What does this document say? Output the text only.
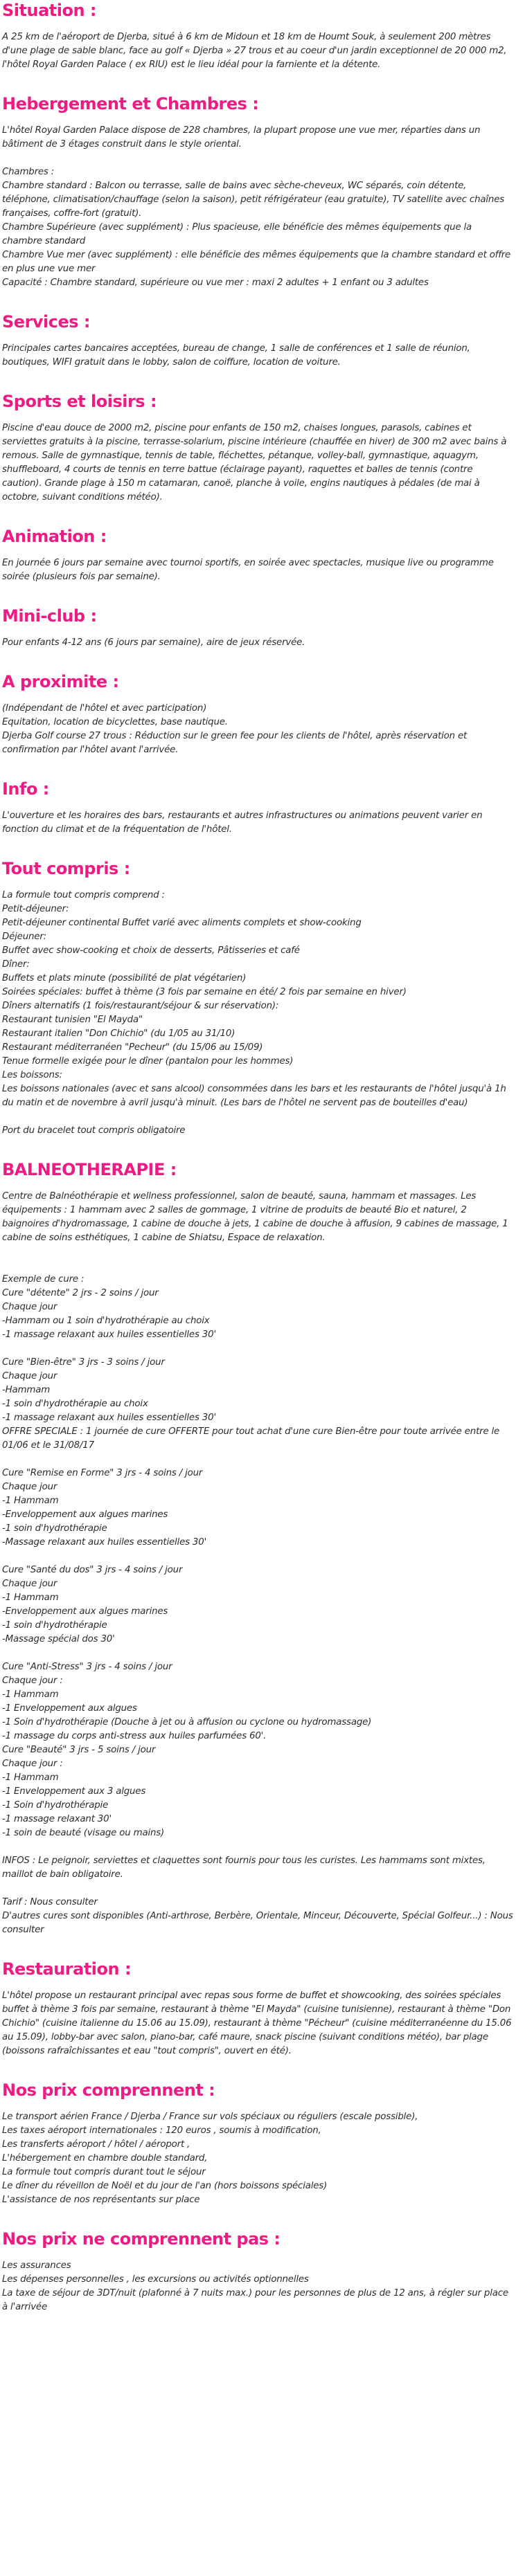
Situation :
A 25 km de l'aéroport de Djerba, situé à 6 km de Midoun et 18 km de Houmt Souk, à seulement 200 mètres d'une plage de sable blanc, face au golf « Djerba » 27 trous et au coeur d'un jardin exceptionnel de 20 000 m2, l'hôtel Royal Garden Palace ( ex RIU) est le lieu idéal pour la farniente et la détente.
Hebergement et Chambres :
L'hôtel Royal Garden Palace dispose de 228 chambres, la plupart propose une vue mer, réparties dans un bâtiment de 3 étages construit dans le style oriental.
Chambres :
Chambre standard : Balcon ou terrasse, salle de bains avec sèche-cheveux, WC séparés, coin détente, téléphone, climatisation/chauffage (selon la saison), petit réfrigérateur (eau gratuite), TV satellite avec chaînes françaises, coffre-fort (gratuit).
Chambre Supérieure (avec supplément) : Plus spacieuse, elle bénéficie des mêmes équipements que la chambre standard
Chambre Vue mer (avec supplément) : elle bénéficie des mêmes équipements que la chambre standard et offre en plus une vue mer
Capacité : Chambre standard, supérieure ou vue mer : maxi 2 adultes + 1 enfant ou 3 adultes
Services :
Principales cartes bancaires acceptées, bureau de change, 1 salle de conférences et 1 salle de réunion, boutiques, WIFI gratuit dans le lobby, salon de coiffure, location de voiture.
Sports et loisirs :
Piscine d'eau douce de 2000 m2, piscine pour enfants de 150 m2, chaises longues, parasols, cabines et serviettes gratuits à la piscine, terrasse-solarium, piscine intérieure (chauffée en hiver) de 300 m2 avec bains à remous. Salle de gymnastique, tennis de table, fléchettes, pétanque, volley-ball, gymnastique, aquagym, shuffleboard, 4 courts de tennis en terre battue (éclairage payant), raquettes et balles de tennis (contre caution). Grande plage à 150 m catamaran, canoë, planche à voile, engins nautiques à pédales (de mai à octobre, suivant conditions météo).
Animation :
En journée 6 jours par semaine avec tournoi sportifs, en soirée avec spectacles, musique live ou programme soirée (plusieurs fois par semaine).
Mini-club :
Pour enfants 4-12 ans (6 jours par semaine), aire de jeux réservée.
A proximite :
(Indépendant de l'hôtel et avec participation)
Equitation, location de bicyclettes, base nautique.
Djerba Golf course 27 trous : Réduction sur le green fee pour les clients de l'hôtel, après réservation et confirmation par l'hôtel avant l'arrivée.
Info :
L'ouverture et les horaires des bars, restaurants et autres infrastructures ou animations peuvent varier en fonction du climat et de la fréquentation de l'hôtel.
Tout compris :
La formule tout compris comprend :
Petit-déjeuner:
Petit-déjeuner continental Buffet varié avec aliments complets et show-cooking
Déjeuner:
Buffet avec show-cooking et choix de desserts, Pâtisseries et café
Dîner:
Buffets et plats minute (possibilité de plat végétarien)
Soirées spéciales: buffet à thème (3 fois par semaine en été/ 2 fois par semaine en hiver)
Dîners alternatifs (1 fois/restaurant/séjour & sur réservation):
Restaurant tunisien "El Mayda"
Restaurant italien "Don Chichio" (du 1/05 au 31/10)
Restaurant méditerranéen "Pecheur" (du 15/06 au 15/09)
Tenue formelle exigée pour le dîner (pantalon pour les hommes)
Les boissons:
Les boissons nationales (avec et sans alcool) consommées dans les bars et les restaurants de l'hôtel jusqu'à 1h du matin et de novembre à avril jusqu'à minuit. (Les bars de l'hôtel ne servent pas de bouteilles d'eau)
Port du bracelet tout compris obligatoire
BALNEOTHERAPIE :
Centre de Balnéothérapie et wellness professionnel, salon de beauté, sauna, hammam et massages. Les équipements : 1 hammam avec 2 salles de gommage, 1 vitrine de produits de beauté Bio et naturel, 2 baignoires d'hydromassage, 1 cabine de douche à jets, 1 cabine de douche à affusion, 9 cabines de massage, 1 cabine de soins esthétiques, 1 cabine de Shiatsu, Espace de relaxation.
Exemple de cure :
Cure "détente" 2 jrs - 2 soins / jour
Chaque jour
-Hammam ou 1 soin d'hydrothérapie au choix
-1 massage relaxant aux huiles essentielles 30'
Cure "Bien-être" 3 jrs - 3 soins / jour
Chaque jour
-Hammam
-1 soin d'hydrothérapie au choix
-1 massage relaxant aux huiles essentielles 30'
OFFRE SPECIALE : 1 journée de cure OFFERTE pour tout achat d'une cure Bien-être pour toute arrivée entre le 01/06 et le 31/08/17
Cure "Remise en Forme" 3 jrs - 4 soins / jour
Chaque jour
-1 Hammam
-Enveloppement aux algues marines
-1 soin d'hydrothérapie
-Massage relaxant aux huiles essentielles 30'
Cure "Santé du dos" 3 jrs - 4 soins / jour
Chaque jour
-1 Hammam
-Enveloppement aux algues marines
-1 soin d'hydrothérapie
-Massage spécial dos 30'
Cure "Anti-Stress" 3 jrs - 4 soins / jour
Chaque jour :
-1 Hammam
-1 Enveloppement aux algues
-1 Soin d'hydrothérapie (Douche à jet ou à affusion ou cyclone ou hydromassage)
-1 massage du corps anti-stress aux huiles parfumées 60'.
Cure "Beauté" 3 jrs - 5 soins / jour
Chaque jour :
-1 Hammam
-1 Enveloppement aux 3 algues
-1 Soin d'hydrothérapie
-1 massage relaxant 30'
-1 soin de beauté (visage ou mains)
INFOS : Le peignoir, serviettes et claquettes sont fournis pour tous les curistes. Les hammams sont mixtes, maillot de bain obligatoire.
Tarif : Nous consulter
D'autres cures sont disponibles (Anti-arthrose, Berbère, Orientale, Minceur, Découverte, Spécial Golfeur...) : Nous consulter
Restauration :
L'hôtel propose un restaurant principal avec repas sous forme de buffet et showcooking, des soirées spéciales buffet à thème 3 fois par semaine, restaurant à thème "El Mayda" (cuisine tunisienne), restaurant à thème "Don Chichio" (cuisine italienne du 15.06 au 15.09), restaurant à thème "Pécheur" (cuisine méditerranéenne du 15.06 au 15.09), lobby-bar avec salon, piano-bar, café maure, snack piscine (suivant conditions météo), bar plage (boissons rafraîchissantes et eau "tout compris", ouvert en été).
Nos prix comprennent :
Le transport aérien France / Djerba / France sur vols spéciaux ou réguliers (escale possible),
Les taxes aéroport internationales : 120 euros , soumis à modification,
Les transferts aéroport / hôtel / aéroport ,
L'hébergement en chambre double standard,
La formule tout compris durant tout le séjour
Le dîner du réveillon de Noël et du jour de l'an (hors boissons spéciales)
L'assistance de nos représentants sur place
Nos prix ne comprennent pas :
Les assurances
Les dépenses personnelles , les excursions ou activités optionnelles
La taxe de séjour de 3DT/nuit (plafonné à 7 nuits max.) pour les personnes de plus de 12 ans, à régler sur place à l'arrivée
